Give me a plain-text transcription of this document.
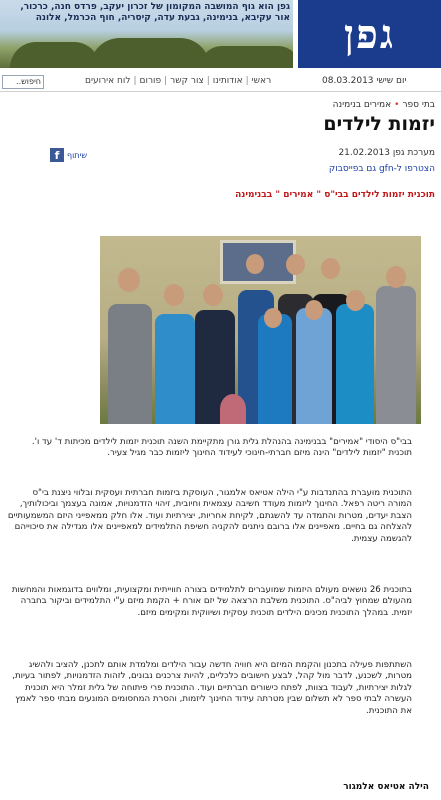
גפן הוא גוף המושבה המקומון של זכרון יעקב, פרדס חנה, כרכור, אור עקיבא, בנימינה, גבעת עדה, קיסריה, חוף הכרמל, אלונה גפן
חיפוש..	ראשי
|
אודותינו
|
צור קשר
|
פורום
|
לוח אירועים	יום שישי 08.03.2013
בתי ספר•אמירים בנימינה
יזמות לילדים
מערכת גפן 21.02.2013
הצטרפו ל-gfn גם בפייסבוק
f שיתוף
תוכנית יזמות לילדים בבי"ס " אמירים " בבנימינה

בבי"ס היסודי "אמירים" בבנימינה בהנהלת גלית גורן מתקיימת השנה תוכנית יזמות לילדים מכיתות ד' עד ו'. תוכנית "יזמות לילדים" הינה מיזם חברתי-חינוכי לעידוד החינוך ליזמות כבר מגיל צעיר.

התוכנית מועברת בהתנדבות ע"י הילה אטיאס אלמגור, העוסקת ביזמות חברתית ועסקית ובלווי ניצנת בי"ס המורה ריטה רפאל. החינוך ליזמות מעודד חשיבה עצמאית וחיובית, זיהוי הזדמנויות, אמונה בעצמך וביכולותיך, הצבת יעדים, מטרות והתמדה עד להשגתם, לקיחת אחריות, יצירתיות ועוד. אלו חלק ממאפייני היזם המשמעותיים להצלחה גם בחיים. מאפיינים אלו ברובם ניתנים להקניה חשיפת התלמידים למאפיינים אלו מגדילה את סיכוייהם להגשמה עצמית.

בתוכנית 26 נושאים מעולם היזמות שמועברים לתלמידים בצורה חווייתית ומקצועית, ומלווים בדוגמאות והמחשות מהעולם שמחוץ לביה"ס. התוכנית משלבת הרצאה של יזם אורח + הקמת מיזם ע"י התלמידים וביקור בחברה יזמית. במהלך התוכנית מכינים הילדים תוכנית עסקית ושיווקית ומקימים מיזם.

השתתפות פעילה בתכנון והקמת המיזם היא חוויה חדשה עבור הילדים ומלמדת אותם לתכנן, להציב ולהשיג מטרות, לשכנע, לדבר מול קהל, לבצע חישובים כלכליים, להיות צרכנים נבונים, לזהות הזדמנויות, לפתור בעיות, לגלות יצירתיות, לעבוד בצוות, לפתח כישורים חברתיים ועוד. התוכנית פרי פיתוחה של גלית זמלר היא תוכנית העשרה לבתי ספר לא תשלום שבין מטרתה עידוד החינוך ליזמות, והסרת המחסומים המונעים מבתי ספר לאמץ את התוכנית.

הילה אטיאס אלמגור
